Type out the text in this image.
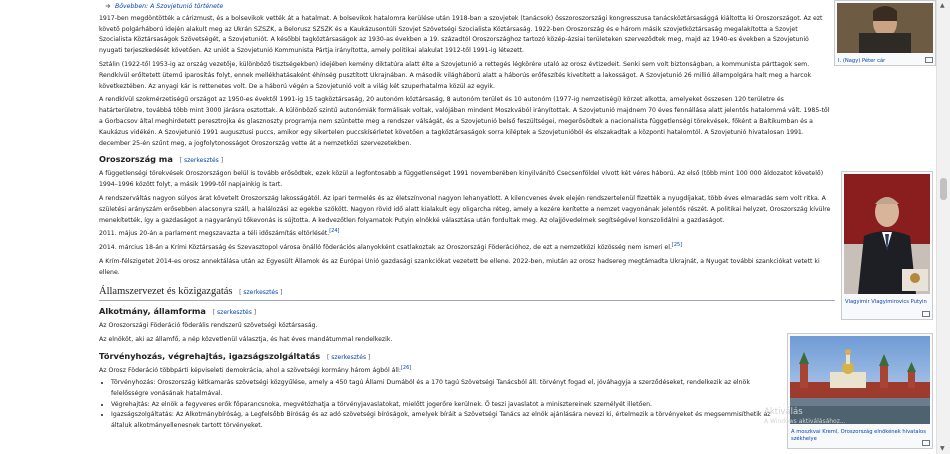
Bővebben: A Szovjetunió története

1917-ben megdöntötték a cárizmust, és a bolsevikok vették át a hatalmat. A bolsevikok hatalomra kerülése után 1918-ban a szovjetek (tanácsok) összoroszországi kongresszusa tanácsköztársasággá kiáltotta ki Oroszországot. Az ezt követő polgárháború idején alakult meg az Ukrán SZSZK, a Belorusz SZSZK és a Kaukázusontúli Szovjet Szövetségi Szocialista Köztársaság. 1922-ben Oroszország és e három másik szovjetköztársaság megalakította a Szovjet Szocialista Köztársaságok Szövetségét, a Szovjetuniót. A későbbi tagköztársaságok az 1930-as években a 19. századtól Oroszországhoz tartozó közép-ázsiai területeken szerveződtek meg, majd az 1940-es években a Szovjetunió nyugati terjeszkedését követően. Az uniót a Szovjetunió Kommunista Pártja irányította, amely politikai alakulat 1912-től 1991-ig létezett.

Sztálin (1922-től 1953-ig az ország vezetője, különböző tisztségekben) idejében kemény diktatúra alatt élte a Szovjetunió a rettegés légkörére utaló az orosz évtizedeit. Senki sem volt biztonságban, a kommunista párttagok sem. Rendkívül erőltetett ütemű iparosítás folyt, ennek mellékhatásaként éhínség pusztított Ukrajnában. A második világháború alatt a háborús erőfeszítés kivetített a lakosságot. A Szovjetunió 26 millió állampolgára halt meg a harcok következtében. Az anyagi kár is rettenetes volt. De a háború végén a Szovjetunió volt a világ két szuperhatalma közül az egyik.

A rendkívül szokmérzetiségű országot az 1950-es évektől 1991-ig 15 tagköztársaság, 20 autonóm köztársaság, 8 autonóm terület és 10 autonóm (1977-ig nemzetiségi) körzet alkotta, amelyeket összesen 120 területre és határterületre, továbbá több mint 3000 járásra osztottak. A különböző szintű autonómiák formálisak voltak, valójában mindent Moszkvából irányítottak. A Szovjetunió majdnem 70 éves fennállása alatt jelentős hatalommá vált. 1985-től a Gorbacsov által meghirdetett peresztrojka és glasznoszty programja nem szüntette meg a rendszer válságát, és a Szovjetunió belső feszültségei, megerősödtek a nacionalista függetlenségi törekvések, főként a Baltikumban és a Kaukázus vidékén. A Szovjetunió 1991 augusztusi puccs, amikor egy sikertelen puccskísérletet követően a tagköztársaságok sorra kiléptek a Szovjetunióból és elszakadtak a központi hatalomtól. A Szovjetunió hivatalosan 1991. december 25-én szűnt meg, a jogfolytonosságot Oroszország vette át a nemzetközi szervezetekben.

Oroszország ma [ szerkesztés ]

A függetlenségi törekvések Oroszországon belül is tovább erősödtek, ezek közül a legfontosabb a függetlenséget 1991 novemberében kinyilvánító Csecsenföldel vívott két véres háború. Az első (több mint 100 000 áldozatot követelő) 1994–1996 között folyt, a másik 1999-től napjainkig is tart.

A rendszerváltás nagyon súlyos árat követelt Oroszország lakosságától. Az ipari termelés és az életszínvonal nagyon lehanyatlott. A kilencvenes évek elején rendszertelenül fizették a nyugdíjakat, több éves elmaradás sem volt ritka. A születési arányszám erősebben alacsonyra száll, a halálozási az egekbe szökött. Nagyon rövid idő alatt kialakult egy oligarcha réteg, amely a kezére kerítette a nemzet vagyonának jelentős részét. A politikai helyzet, Oroszország kívülre menekítették, így a gazdaságot a nagyarányú tőkevonás is sújtotta. A kedvezőtlen folyamatok Putyin elnökké választása után fordultak meg. Az olajjövedelmek segítségével konszolidálni a gazdaságot.

2011. május 20-án a parlament megszavazta a téli időszámítás eltörlését.[24]

2014. március 18-án a Krími Köztársaság és Szevasztopol városa önálló föderációs alanyokként csatlakoztak az Oroszországi Föderációhoz, de ezt a nemzetközi közösség nem ismeri el.[25]

A Krím-félszigetet 2014-es orosz annektálása után az Egyesült Államok és az Európai Unió gazdasági szankciókat vezetett be ellene. 2022-ben, miután az orosz hadsereg megtámadta Ukrajnát, a Nyugat további szankciókat vetett ki ellene.

Államszervezet és közigazgatás [ szerkesztés ]
Alkotmány, államforma [ szerkesztés ]

Az Oroszországi Föderáció föderális rendszerű szövetségi köztársaság.

Az elnököt, aki az államfő, a nép közvetlenül választja, és hat éves mandátummal rendelkezik.

Törvényhozás, végrehajtás, igazságszolgáltatás [ szerkesztés ]

Az Orosz Föderáció többpárti képviseleti demokrácia, ahol a szövetségi kormány három ágból áll:[26]

• Törvényhozás: Oroszország kétkamarás szövetségi közgyűlése, amely a 450 tagú Állami Dumából és a 170 tagú Szövetségi Tanácsból áll. törvényt fogad el, jóváhagyja a szerződéseket, rendelkezik az elnök felelősségre vonásának hatalmával.
• Végrehajtás: Az elnök a fegyveres erők főparancsnoka, megvétózhatja a törvényjavaslatokat, mielőtt jogerőre kerülnek. Ő teszi javaslatot a minisztereinek személyét illetően.
• Igazságszolgáltatás: Az Alkotmánybíróság, a Legfelsőbb Bíróság és az adó szövetségi bíróságok, amelyek bíráit a Szövetségi Tanács az elnök ajánlására nevezi ki, értelmezik a törvényeket és megsemmisíthetik az általuk alkotmányellenesnek tartott törvényeket.
I. (Nagy) Péter cár
Vlagyimir Vlagyimirovics Putyin
A moszkvai Kreml, Oroszország elnökének hivatalos székhelye
Aktiválás
A Windows aktiválásához...
▲
▼
